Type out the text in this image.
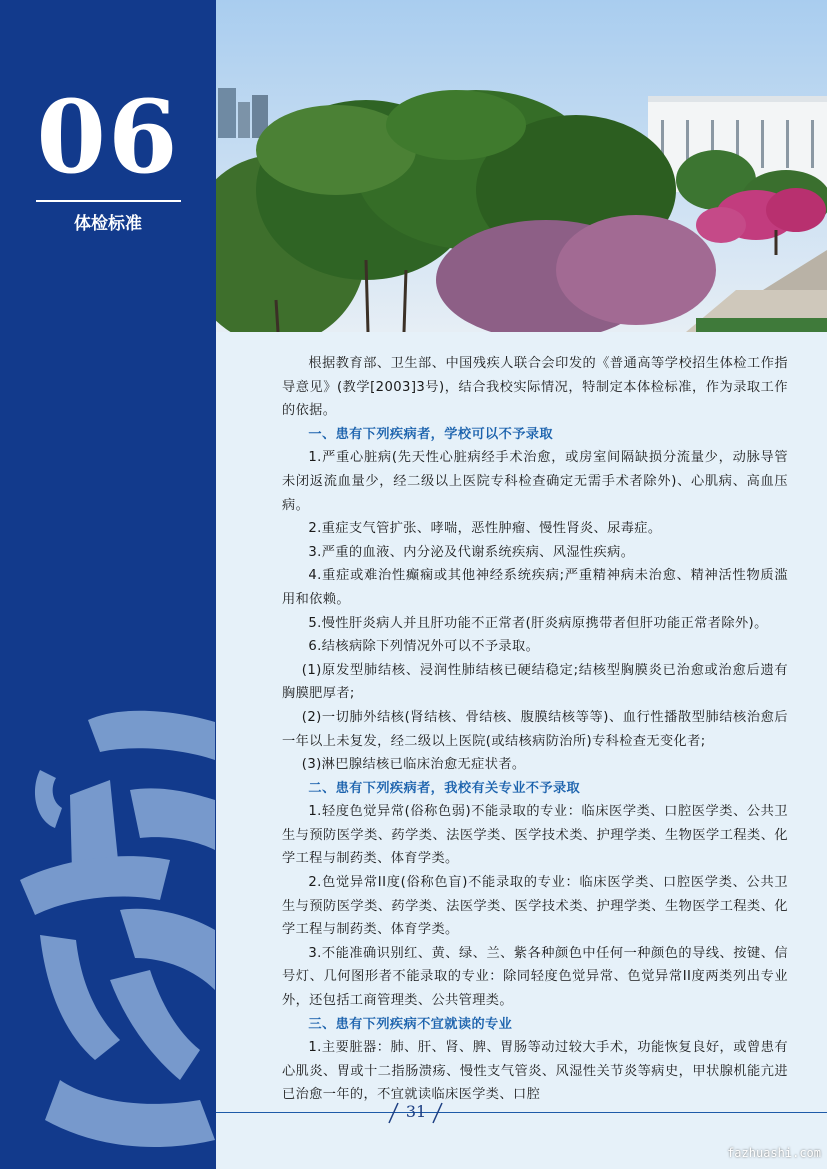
06
体检标准

根据教育部、卫生部、中国残疾人联合会印发的《普通高等学校招生体检工作指导意见》(教学[2003]3号)，结合我校实际情况，特制定本体检标准，作为录取工作的依据。

一、患有下列疾病者，学校可以不予录取

1.严重心脏病(先天性心脏病经手术治愈，或房室间隔缺损分流量少，动脉导管未闭返流血量少，经二级以上医院专科检查确定无需手术者除外)、心肌病、高血压病。

2.重症支气管扩张、哮喘，恶性肿瘤、慢性肾炎、尿毒症。

3.严重的血液、内分泌及代谢系统疾病、风湿性疾病。

4.重症或难治性癫痫或其他神经系统疾病;严重精神病未治愈、精神活性物质滥用和依赖。

5.慢性肝炎病人并且肝功能不正常者(肝炎病原携带者但肝功能正常者除外)。

6.结核病除下列情况外可以不予录取。

(1)原发型肺结核、浸润性肺结核已硬结稳定;结核型胸膜炎已治愈或治愈后遗有胸膜肥厚者;

(2)一切肺外结核(肾结核、骨结核、腹膜结核等等)、血行性播散型肺结核治愈后一年以上未复发，经二级以上医院(或结核病防治所)专科检查无变化者;

(3)淋巴腺结核已临床治愈无症状者。

二、患有下列疾病者，我校有关专业不予录取

1.轻度色觉异常(俗称色弱)不能录取的专业：临床医学类、口腔医学类、公共卫生与预防医学类、药学类、法医学类、医学技术类、护理学类、生物医学工程类、化学工程与制药类、体育学类。

2.色觉异常II度(俗称色盲)不能录取的专业：临床医学类、口腔医学类、公共卫生与预防医学类、药学类、法医学类、医学技术类、护理学类、生物医学工程类、化学工程与制药类、体育学类。

3.不能准确识别红、黄、绿、兰、紫各种颜色中任何一种颜色的导线、按键、信号灯、几何图形者不能录取的专业：除同轻度色觉异常、色觉异常II度两类列出专业外，还包括工商管理类、公共管理类。

三、患有下列疾病不宜就读的专业

1.主要脏器：肺、肝、肾、脾、胃肠等动过较大手术，功能恢复良好，或曾患有心肌炎、胃或十二指肠溃疡、慢性支气管炎、风湿性关节炎等病史，甲状腺机能亢进已治愈一年的，不宜就读临床医学类、口腔

31
fazhuashi.com
